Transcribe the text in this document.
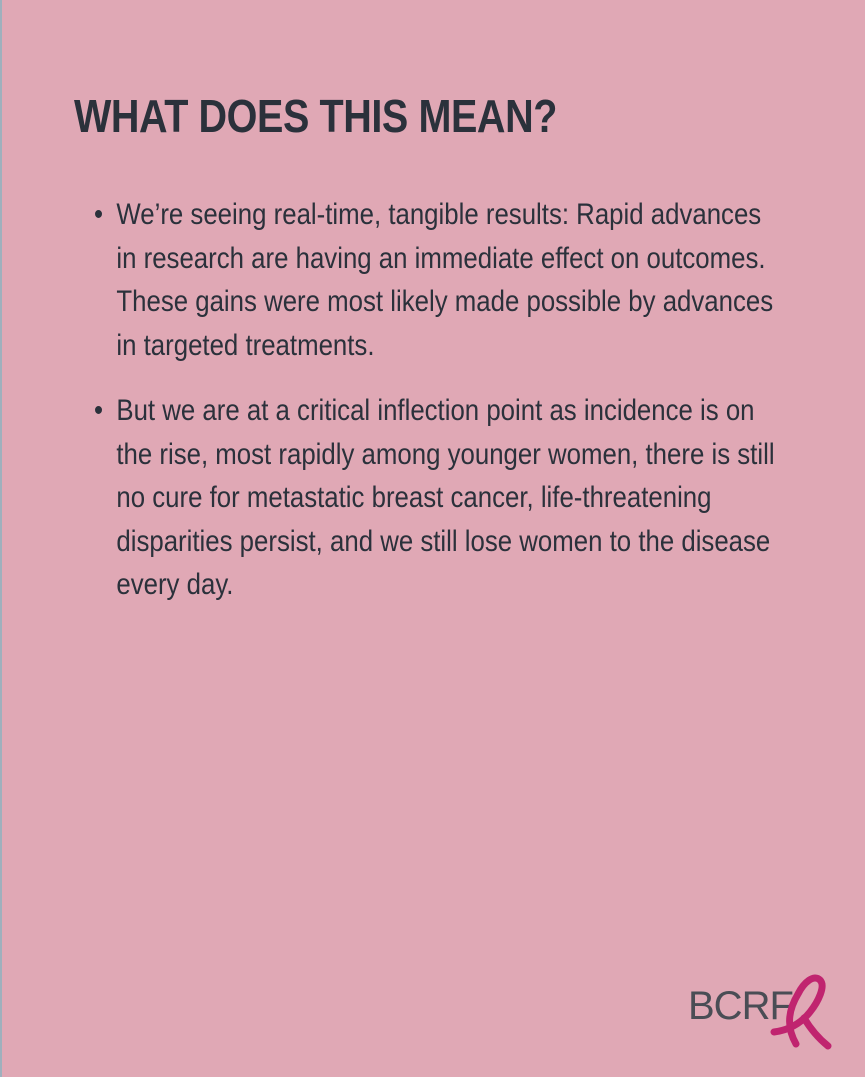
WHAT DOES THIS MEAN?
• We’re seeing real-time, tangible results: Rapid advances in research are having an immediate effect on outcomes. These gains were most likely made possible by advances in targeted treatments.
• But we are at a critical inflection point as incidence is on the rise, most rapidly among younger women, there is still no cure for metastatic breast cancer, life-threatening disparities persist, and we still lose women to the disease every day.
BCRF
